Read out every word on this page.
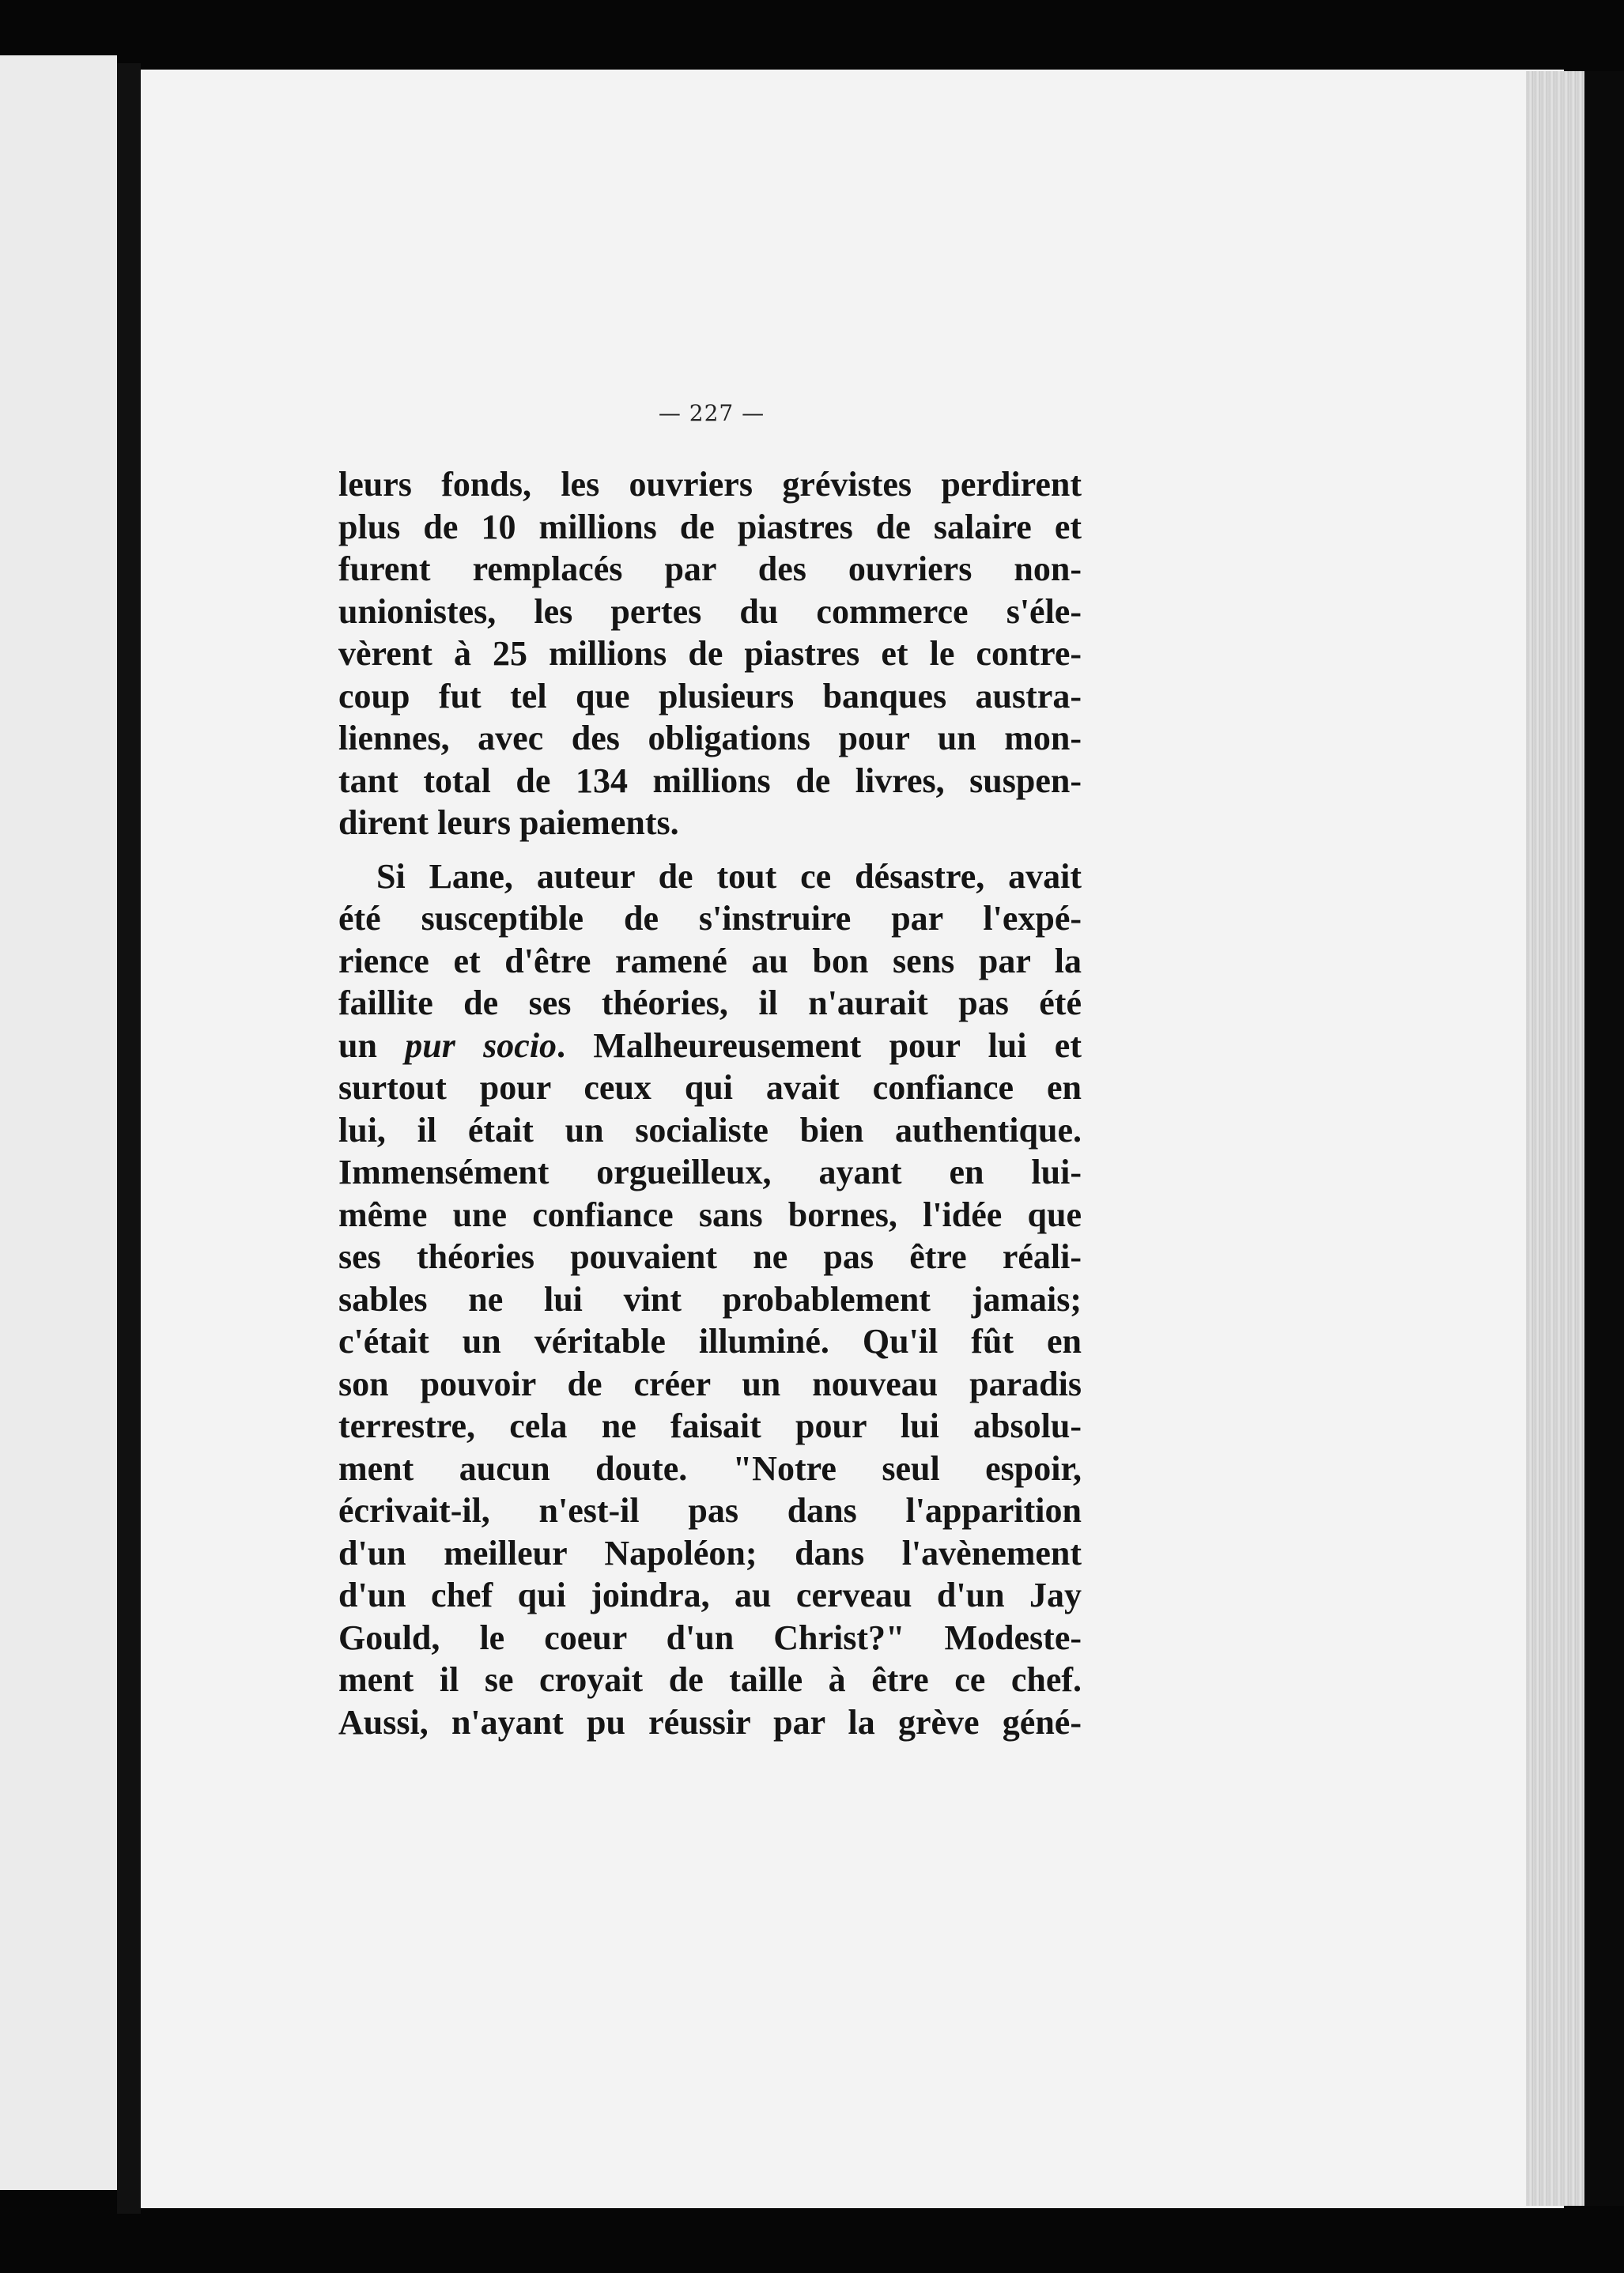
— 227 —
leurs fonds, les ouvriers grévistes perdirent
plus de 10 millions de piastres de salaire et
furent remplacés par des ouvriers non-
unionistes, les pertes du commerce s'éle-
vèrent à 25 millions de piastres et le contre-
coup fut tel que plusieurs banques austra-
liennes, avec des obligations pour un mon-
tant total de 134 millions de livres, suspen-
dirent leurs paiements.
Si Lane, auteur de tout ce désastre, avait
été susceptible de s'instruire par l'expé-
rience et d'être ramené au bon sens par la
faillite de ses théories, il n'aurait pas été
un pur socio. Malheureusement pour lui et
surtout pour ceux qui avait confiance en
lui, il était un socialiste bien authentique.
Immensément orgueilleux, ayant en lui-
même une confiance sans bornes, l'idée que
ses théories pouvaient ne pas être réali-
sables ne lui vint probablement jamais;
c'était un véritable illuminé. Qu'il fût en
son pouvoir de créer un nouveau paradis
terrestre, cela ne faisait pour lui absolu-
ment aucun doute. "Notre seul espoir,
écrivait-il, n'est-il pas dans l'apparition
d'un meilleur Napoléon; dans l'avènement
d'un chef qui joindra, au cerveau d'un Jay
Gould, le coeur d'un Christ?" Modeste-
ment il se croyait de taille à être ce chef.
Aussi, n'ayant pu réussir par la grève géné-
